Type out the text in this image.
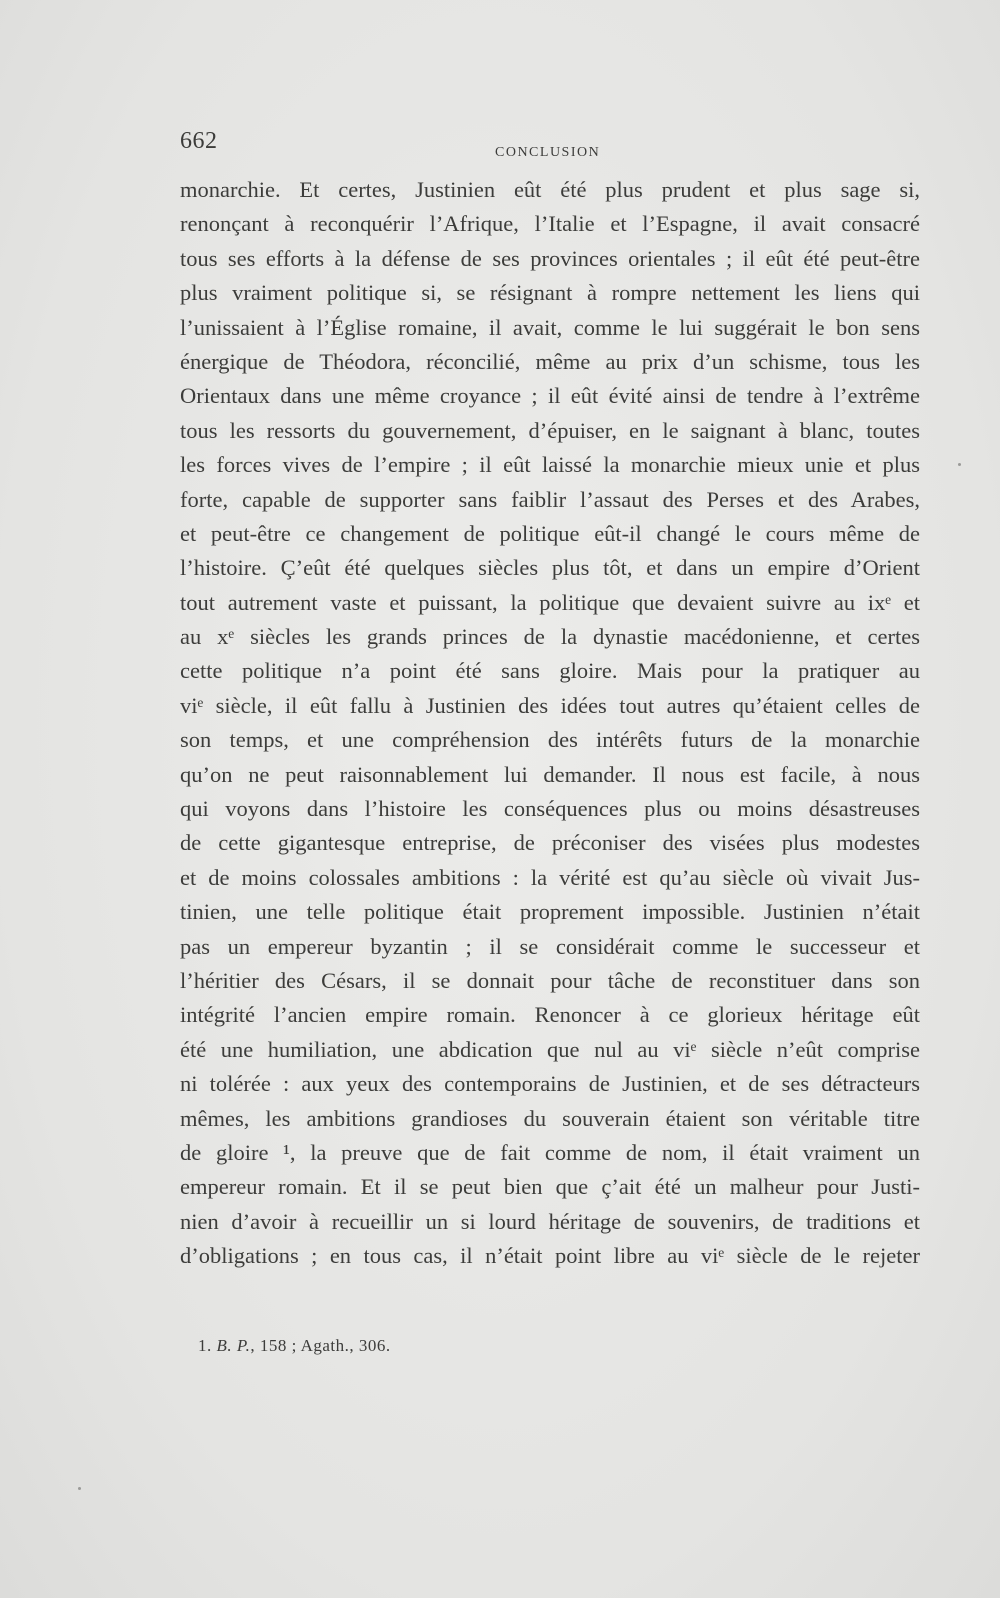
662	CONCLUSION
monarchie. Et certes, Justinien eût été plus prudent et plus sage si,
renonçant à reconquérir l’Afrique, l’Italie et l’Espagne, il avait consacré
tous ses efforts à la défense de ses provinces orientales ; il eût été peut-être
plus vraiment politique si, se résignant à rompre nettement les liens qui
l’unissaient à l’Église romaine, il avait, comme le lui suggérait le bon sens
énergique de Théodora, réconcilié, même au prix d’un schisme, tous les
Orientaux dans une même croyance ; il eût évité ainsi de tendre à l’extrême
tous les ressorts du gouvernement, d’épuiser, en le saignant à blanc, toutes
les forces vives de l’empire ; il eût laissé la monarchie mieux unie et plus
forte, capable de supporter sans faiblir l’assaut des Perses et des Arabes,
et peut-être ce changement de politique eût-il changé le cours même de
l’histoire. Ç’eût été quelques siècles plus tôt, et dans un empire d’Orient
tout autrement vaste et puissant, la politique que devaient suivre au ixᵉ et
au xᵉ siècles les grands princes de la dynastie macédonienne, et certes
cette politique n’a point été sans gloire. Mais pour la pratiquer au
viᵉ siècle, il eût fallu à Justinien des idées tout autres qu’étaient celles de
son temps, et une compréhension des intérêts futurs de la monarchie
qu’on ne peut raisonnablement lui demander. Il nous est facile, à nous
qui voyons dans l’histoire les conséquences plus ou moins désastreuses
de cette gigantesque entreprise, de préconiser des visées plus modestes
et de moins colossales ambitions : la vérité est qu’au siècle où vivait Jus-
tinien, une telle politique était proprement impossible. Justinien n’était
pas un empereur byzantin ; il se considérait comme le successeur et
l’héritier des Césars, il se donnait pour tâche de reconstituer dans son
intégrité l’ancien empire romain. Renoncer à ce glorieux héritage eût
été une humiliation, une abdication que nul au viᵉ siècle n’eût comprise
ni tolérée : aux yeux des contemporains de Justinien, et de ses détracteurs
mêmes, les ambitions grandioses du souverain étaient son véritable titre
de gloire ¹, la preuve que de fait comme de nom, il était vraiment un
empereur romain. Et il se peut bien que ç’ait été un malheur pour Justi-
nien d’avoir à recueillir un si lourd héritage de souvenirs, de traditions et
d’obligations ; en tous cas, il n’était point libre au viᵉ siècle de le rejeter
1. B. P., 158 ; Agath., 306.
